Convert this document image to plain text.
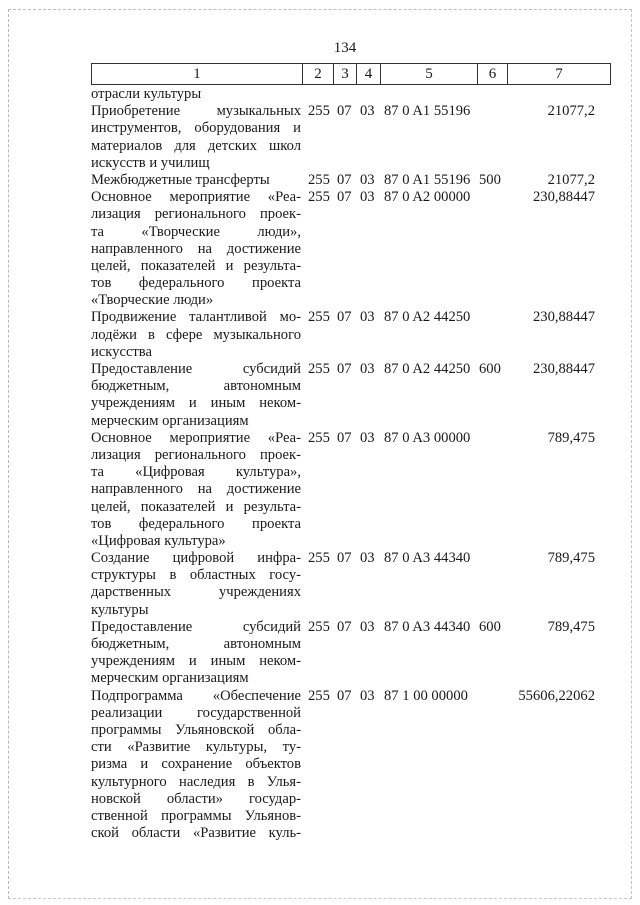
134
1	2	3	4	5	6	7
отрасли культуры
Приобретение музыкальных
инструментов, оборудования и
материалов для детских школ
искусств и училищ
255 07 03 87 0 A1 55196	21077,2
Межбюджетные трансферты	255 07 03 87 0 A1 55196 500	21077,2
Основное мероприятие «Реа-
лизация регионального проек-
та «Творческие люди»,
направленного на достижение
целей, показателей и результа-
тов федерального проекта
«Творческие люди»
255 07 03 87 0 A2 00000	230,88447
Продвижение талантливой мо-
лодёжи в сфере музыкального
искусства
255 07 03 87 0 A2 44250	230,88447
Предоставление субсидий
бюджетным, автономным
учреждениям и иным неком-
мерческим организациям
255 07 03 87 0 A2 44250 600 230,88447
Основное мероприятие «Реа-
лизация регионального проек-
та «Цифровая культура»,
направленного на достижение
целей, показателей и результа-
тов федерального проекта
«Цифровая культура»
255 07 03 87 0 A3 00000	789,475
Создание цифровой инфра-
структуры в областных госу-
дарственных учреждениях
культуры
255 07 03 87 0 A3 44340	789,475
Предоставление субсидий
бюджетным, автономным
учреждениям и иным неком-
мерческим организациям
255 07 03 87 0 A3 44340 600	789,475
Подпрограмма «Обеспечение
реализации государственной
программы Ульяновской обла-
сти «Развитие культуры, ту-
ризма и сохранение объектов
культурного наследия в Улья-
новской области» государ-
ственной программы Ульянов-
ской области «Развитие куль-
255 07 03 87 1 00 00000	55606,22062
